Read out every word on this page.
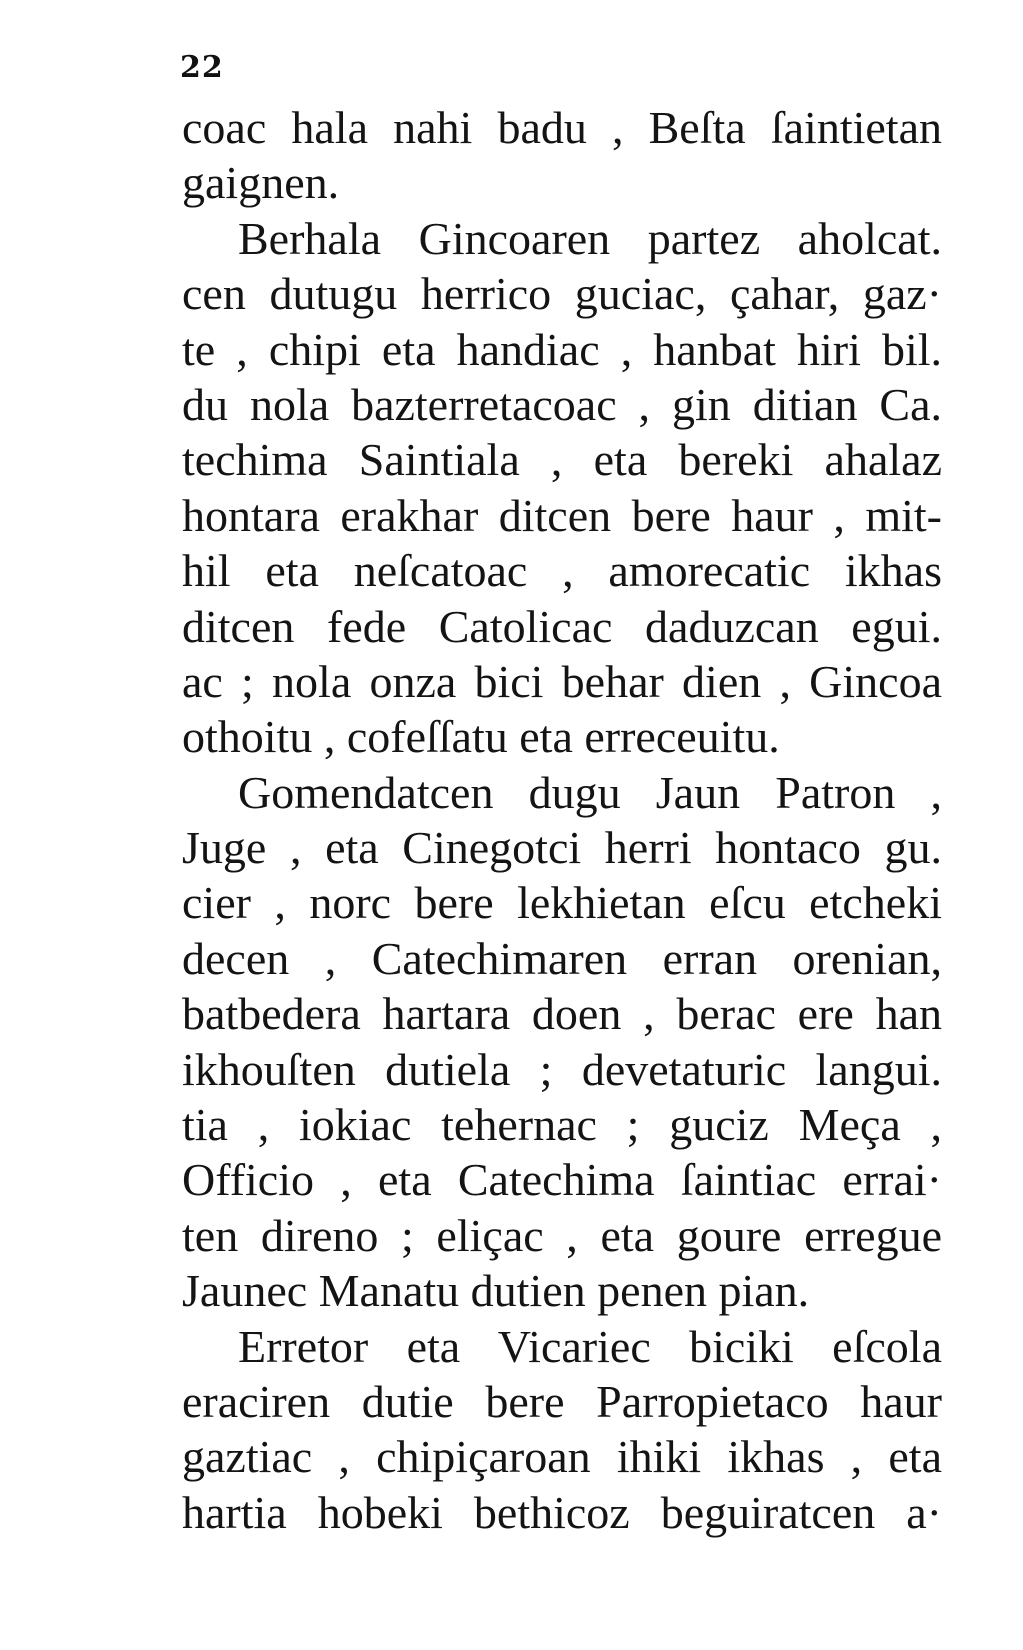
22
coac hala nahi badu , Beſta ſaintietan
gaignen.
Berhala Gincoaren partez aholcat.
cen dutugu herrico guciac, çahar, gaz·
te , chipi eta handiac , hanbat hiri bil.
du nola bazterretacoac , gin ditian Ca.
techima Saintiala , eta bereki ahalaz
hontara erakhar ditcen bere haur , mit-
hil eta neſcatoac , amorecatic ikhas
ditcen fede Catolicac daduzcan egui.
ac ; nola onza bici behar dien , Gincoa
othoitu , cofeſſatu eta erreceuitu.
Gomendatcen dugu Jaun Patron ,
Juge , eta Cinegotci herri hontaco gu.
cier , norc bere lekhietan eſcu etcheki
decen , Catechimaren erran orenian,
batbedera hartara doen , berac ere han
ikhouſten dutiela ; devetaturic langui.
tia , iokiac tehernac ; guciz Meça ,
Officio , eta Catechima ſaintiac errai·
ten direno ; eliçac , eta goure erregue
Jaunec Manatu dutien penen pian.
Erretor eta Vicariec biciki eſcola
eraciren dutie bere Parropietaco haur
gaztiac , chipiçaroan ihiki ikhas , eta
hartia hobeki bethicoz beguiratcen a·
